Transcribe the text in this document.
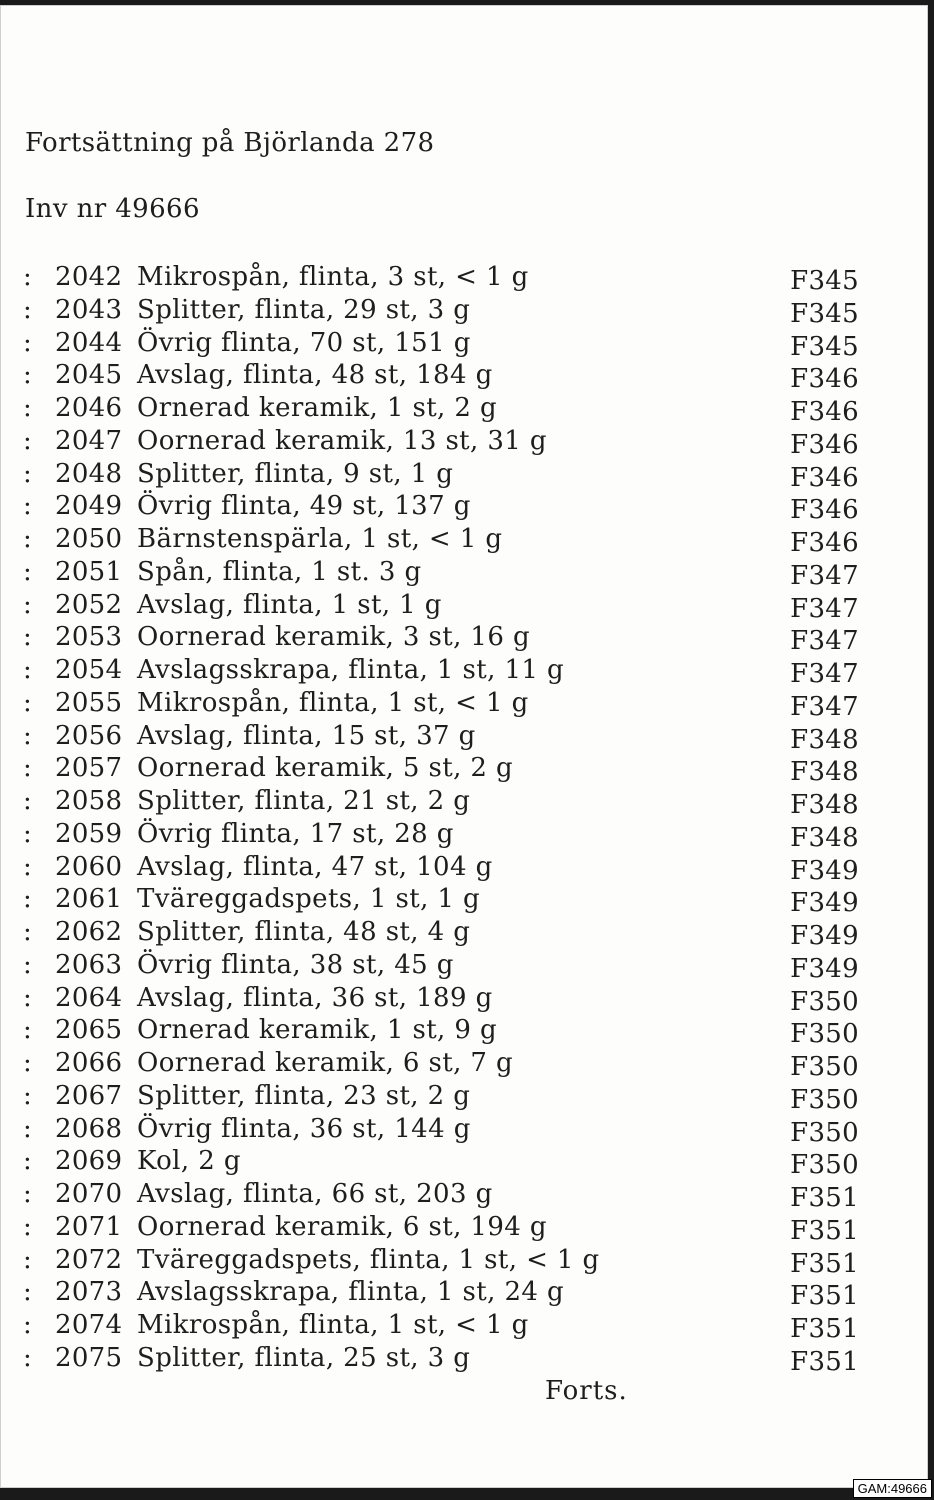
Fortsättning på Björlanda 278
Inv nr 49666
: 2042 Mikrospån, flinta, 3 st, < 1 g	F345
: 2043 Splitter, flinta, 29 st, 3 g	F345
: 2044 Övrig flinta, 70 st, 151 g	F345
: 2045 Avslag, flinta, 48 st, 184 g	F346
: 2046 Ornerad keramik, 1 st, 2 g	F346
: 2047 Oornerad keramik, 13 st, 31 g	F346
: 2048 Splitter, flinta, 9 st, 1 g	F346
: 2049 Övrig flinta, 49 st, 137 g	F346
: 2050 Bärnstenspärla, 1 st, < 1 g	F346
: 2051 Spån, flinta, 1 st. 3 g	F347
: 2052 Avslag, flinta, 1 st, 1 g	F347
: 2053 Oornerad keramik, 3 st, 16 g	F347
: 2054 Avslagsskrapa, flinta, 1 st, 11 g	F347
: 2055 Mikrospån, flinta, 1 st, < 1 g	F347
: 2056 Avslag, flinta, 15 st, 37 g	F348
: 2057 Oornerad keramik, 5 st, 2 g	F348
: 2058 Splitter, flinta, 21 st, 2 g	F348
: 2059 Övrig flinta, 17 st, 28 g	F348
: 2060 Avslag, flinta, 47 st, 104 g	F349
: 2061 Tväreggadspets, 1 st, 1 g	F349
: 2062 Splitter, flinta, 48 st, 4 g	F349
: 2063 Övrig flinta, 38 st, 45 g	F349
: 2064 Avslag, flinta, 36 st, 189 g	F350
: 2065 Ornerad keramik, 1 st, 9 g	F350
: 2066 Oornerad keramik, 6 st, 7 g	F350
: 2067 Splitter, flinta, 23 st, 2 g	F350
: 2068 Övrig flinta, 36 st, 144 g	F350
: 2069 Kol, 2 g	F350
: 2070 Avslag, flinta, 66 st, 203 g	F351
: 2071 Oornerad keramik, 6 st, 194 g	F351
: 2072 Tväreggadspets, flinta, 1 st, < 1 g	F351
: 2073 Avslagsskrapa, flinta, 1 st, 24 g	F351
: 2074 Mikrospån, flinta, 1 st, < 1 g	F351
: 2075 Splitter, flinta, 25 st, 3 g	F351
Forts.
GAM:49666
